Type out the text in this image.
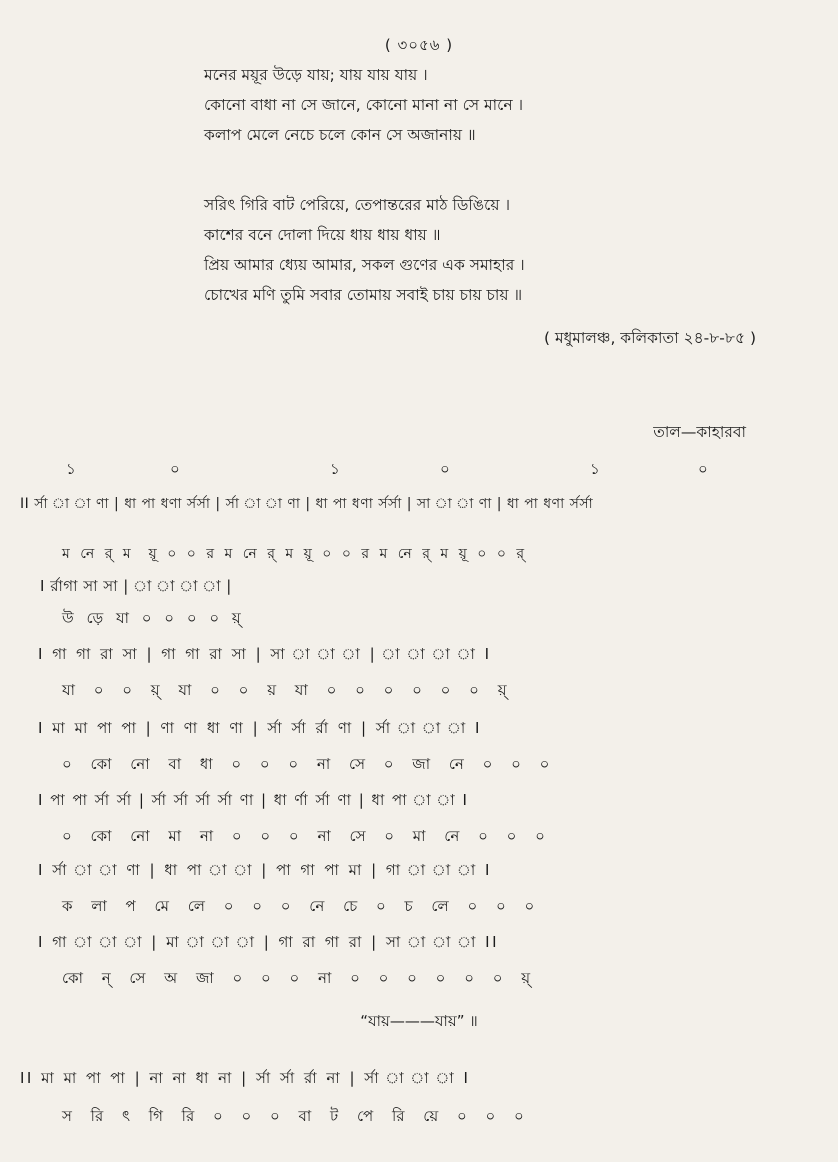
( ৩০৫৬ )
মনের ময়ূর উড়ে যায়; যায় যায় যায় ।
কোনো বাধা না সে জানে, কোনো মানা না সে মানে ।
কলাপ মেলে নেচে চলে কোন সে অজানায় ॥
সরিৎ গিরি বাট পেরিয়ে, তেপান্তরের মাঠ ডিঙিয়ে ।
কাশের বনে দোলা দিয়ে ধায় ধায় ধায় ॥
প্রিয় আমার ধ্যেয় আমার, সকল গুণের এক সমাহার ।
চোখের মণি তুমি সবার তোমায় সবাই চায় চায় চায় ॥
( মধুমালঞ্চ, কলিকাতা ২৪-৮-৮৫ )
তাল—কাহারবা
১	০	১	০	১	০
II র্সা া া ণা | ধা পা ধণা র্সর্সা | র্সা া া ণা | ধা পা ধণা র্সর্সা | সা া া ণা | ধা পা ধণা র্সর্সা
ম নে র্ ম ‌ য়ূ ০ ০ র ম নে র্ ম য়ূ ০ ০ র ম নে র্ ম য়ূ ০ ০ র্
I র্রাগা সা সা | া া া া |
উ ড়ে যা ০ ০ ০ ০ য়্
I গা গা রা সা | গা গা রা সা | সা া া া | া া া া I
যা ০ ০ য়্ যা ০ ০ য় যা ০ ০ ০ ০ ০ ০ য়্
I মা মা পা পা | ণা ণা ধা ণা | র্সা র্সা র্রা ণা | র্সা া া া I
০ কো নো বা ধা ০ ০ ০ না সে ০ জা নে ০ ০ ০
I পা পা র্সা র্সা | র্সা র্সা র্সা র্সা ণা | ধা র্ণা র্সা ণা | ধা পা া া I
০ কো নো মা না ০ ০ ০ না সে ০ মা নে ০ ০ ০
I র্সা া া ণা | ধা পা া া | পা গা পা মা | গা া া া I
ক লা প মে লে ০ ০ ০ নে চে ০ চ লে ০ ০ ০
I গা া া া | মা া া া | গা রা গা রা | সা া া া II
কো ন্ সে অ জা ০ ০ ০ না ০ ০ ০ ০ ০ ০ য়্
“যায়———যায়” ॥
II মা মা পা পা | না না ধা না | র্সা র্সা র্রা না | র্সা া া া I
স রি ৎ গি রি ০ ০ ০ বা ট পে রি য়ে ০ ০ ০
